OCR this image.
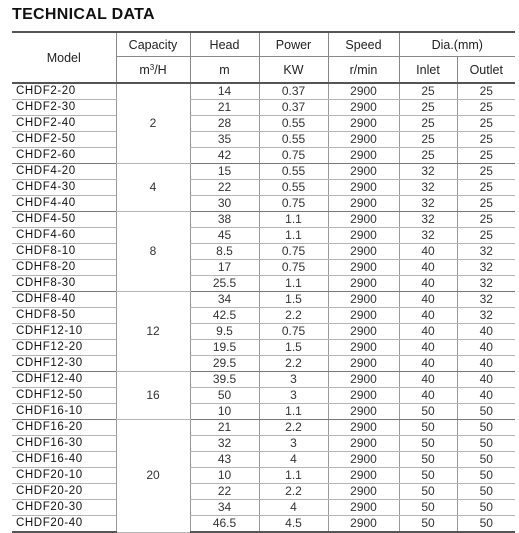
TECHNICAL DATA
Model	Capacity	Head	Power	Speed	Dia.(mm)	
	$m^3/H$	m	KW	r/min	Inlet	Outlet
CHDF2-20	2	14	0.37	2900	25	25
CHDF2-30		21	0.37	2900	25	25
CHDF2-40		28	0.55	2900	25	25
CHDF2-50		35	0.55	2900	25	25
CHDF2-60		42	0.75	2900	25	25
CHDF4-20	4	15	0.55	2900	32	25
CHDF4-30		22	0.55	2900	32	25
CHDF4-40		30	0.75	2900	32	25
CHDF4-50	8	38	1.1	2900	32	25
CHDF4-60		45	1.1	2900	32	25
CHDF8-10		8.5	0.75	2900	40	32
CDHF8-20		17	0.75	2900	40	32
CDHF8-30		25.5	1.1	2900	40	32
CDHF8-40	12	34	1.5	2900	40	32
CHDF8-50		42.5	2.2	2900	40	32
CDHF12-10		9.5	0.75	2900	40	40
CDHF12-20		19.5	1.5	2900	40	40
CDHF12-30		29.5	2.2	2900	40	40
CDHF12-40	16	39.5	3	2900	40	40
CDHF12-50		50	3	2900	40	40
CHDF16-10		10	1.1	2900	50	50
CHDF16-20	20	21	2.2	2900	50	50
CHDF16-30		32	3	2900	50	50
CHDF16-40		43	4	2900	50	50
CHDF20-10		10	1.1	2900	50	50
CHDF20-20		22	2.2	2900	50	50
CHDF20-30		34	4	2900	50	50
CHDF20-40		46.5	4.5	2900	50	50
